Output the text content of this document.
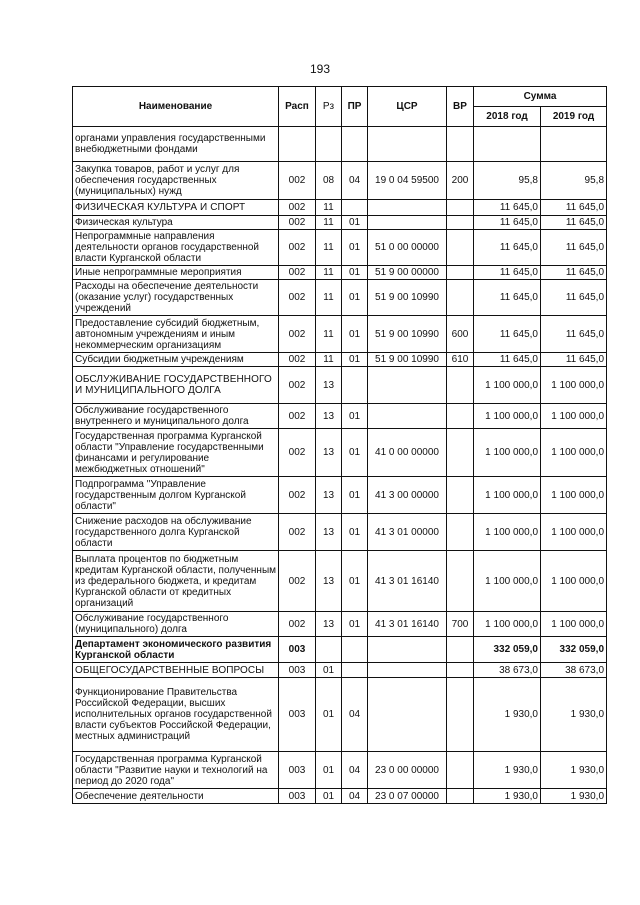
193
Наименование	Расп	Рз	ПР	ЦСР	ВР	Сумма	
						2018 год	2019 год
органами управления государственными внебюджетными фондами							
Закупка товаров, работ и услуг для обеспечения государственных (муниципальных) нужд	002	08	04	19 0 04 59500	200	95,8	95,8
ФИЗИЧЕСКАЯ КУЛЬТУРА И СПОРТ	002	11				11 645,0	11 645,0
Физическая культура	002	11	01			11 645,0	11 645,0
Непрограммные направления деятельности органов государственной власти Курганской области	002	11	01	51 0 00 00000		11 645,0	11 645,0
Иные непрограммные мероприятия	002	11	01	51 9 00 00000		11 645,0	11 645,0
Расходы на обеспечение деятельности (оказание услуг) государственных учреждений	002	11	01	51 9 00 10990		11 645,0	11 645,0
Предоставление субсидий бюджетным, автономным учреждениям и иным некоммерческим организациям	002	11	01	51 9 00 10990	600	11 645,0	11 645,0
Субсидии бюджетным учреждениям	002	11	01	51 9 00 10990	610	11 645,0	11 645,0
ОБСЛУЖИВАНИЕ ГОСУДАРСТВЕННОГО И МУНИЦИПАЛЬНОГО ДОЛГА	002	13				1 100 000,0	1 100 000,0
Обслуживание государственного внутреннего и муниципального долга	002	13	01			1 100 000,0	1 100 000,0
Государственная программа Курганской области "Управление государственными финансами и регулирование межбюджетных отношений"	002	13	01	41 0 00 00000		1 100 000,0	1 100 000,0
Подпрограмма "Управление государственным долгом Курганской области"	002	13	01	41 3 00 00000		1 100 000,0	1 100 000,0
Снижение расходов на обслуживание государственного долга Курганской области	002	13	01	41 3 01 00000		1 100 000,0	1 100 000,0
Выплата процентов по бюджетным кредитам Курганской области, полученным из федерального бюджета, и кредитам Курганской области от кредитных организаций	002	13	01	41 3 01 16140		1 100 000,0	1 100 000,0
Обслуживание государственного (муниципального) долга	002	13	01	41 3 01 16140	700	1 100 000,0	1 100 000,0
Департамент экономического развития Курганской области	003					332 059,0	332 059,0
ОБЩЕГОСУДАРСТВЕННЫЕ ВОПРОСЫ	003	01				38 673,0	38 673,0
Функционирование Правительства Российской Федерации, высших исполнительных органов государственной власти субъектов Российской Федерации, местных администраций	003	01	04			1 930,0	1 930,0
Государственная программа Курганской области "Развитие науки и технологий на период до 2020 года"	003	01	04	23 0 00 00000		1 930,0	1 930,0
Обеспечение деятельности	003	01	04	23 0 07 00000		1 930,0	1 930,0
